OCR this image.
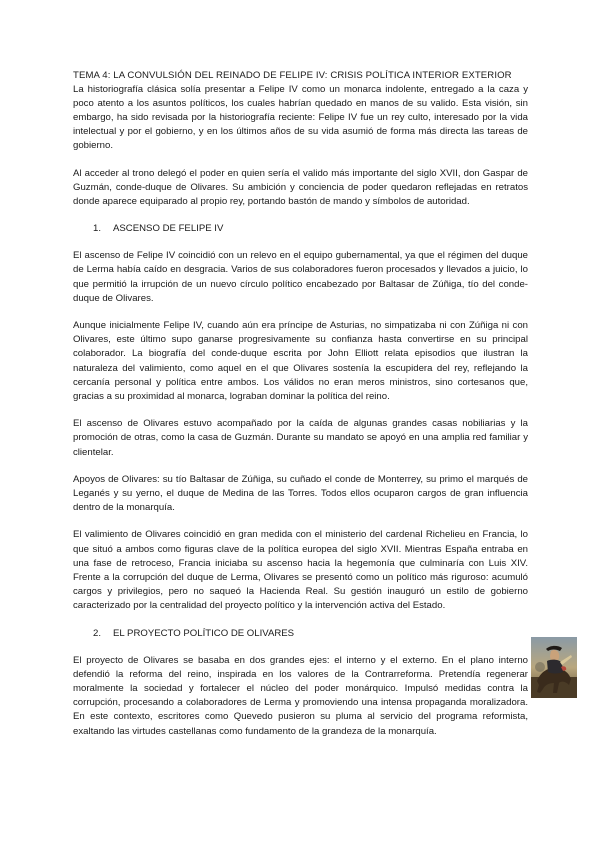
TEMA 4: LA CONVULSIÓN DEL REINADO DE FELIPE IV: CRISIS POLÍTICA INTERIOR EXTERIOR

La historiografía clásica solía presentar a Felipe IV como un monarca indolente, entregado a la caza y poco atento a los asuntos políticos, los cuales habrían quedado en manos de su valido. Esta visión, sin embargo, ha sido revisada por la historiografía reciente: Felipe IV fue un rey culto, interesado por la vida intelectual y por el gobierno, y en los últimos años de su vida asumió de forma más directa las tareas de gobierno.

Al acceder al trono delegó el poder en quien sería el valido más importante del siglo XVII, don Gaspar de Guzmán, conde-duque de Olivares. Su ambición y conciencia de poder quedaron reflejadas en retratos donde aparece equiparado al propio rey, portando bastón de mando y símbolos de autoridad.

1. ASCENSO DE FELIPE IV

El ascenso de Felipe IV coincidió con un relevo en el equipo gubernamental, ya que el régimen del duque de Lerma había caído en desgracia. Varios de sus colaboradores fueron procesados y llevados a juicio, lo que permitió la irrupción de un nuevo círculo político encabezado por Baltasar de Zúñiga, tío del conde-duque de Olivares.

Aunque inicialmente Felipe IV, cuando aún era príncipe de Asturias, no simpatizaba ni con Zúñiga ni con Olivares, este último supo ganarse progresivamente su confianza hasta convertirse en su principal colaborador. La biografía del conde-duque escrita por John Elliott relata episodios que ilustran la naturaleza del valimiento, como aquel en el que Olivares sostenía la escupidera del rey, reflejando la cercanía personal y política entre ambos. Los válidos no eran meros ministros, sino cortesanos que, gracias a su proximidad al monarca, lograban dominar la política del reino.

El ascenso de Olivares estuvo acompañado por la caída de algunas grandes casas nobiliarias y la promoción de otras, como la casa de Guzmán. Durante su mandato se apoyó en una amplia red familiar y clientelar.

Apoyos de Olivares: su tío Baltasar de Zúñiga, su cuñado el conde de Monterrey, su primo el marqués de Leganés y su yerno, el duque de Medina de las Torres. Todos ellos ocuparon cargos de gran influencia dentro de la monarquía.

El valimiento de Olivares coincidió en gran medida con el ministerio del cardenal Richelieu en Francia, lo que situó a ambos como figuras clave de la política europea del siglo XVII. Mientras España entraba en una fase de retroceso, Francia iniciaba su ascenso hacia la hegemonía que culminaría con Luis XIV. Frente a la corrupción del duque de Lerma, Olivares se presentó como un político más riguroso: acumuló cargos y privilegios, pero no saqueó la Hacienda Real. Su gestión inauguró un estilo de gobierno caracterizado por la centralidad del proyecto político y la intervención activa del Estado.

2. EL PROYECTO POLÍTICO DE OLIVARES

El proyecto de Olivares se basaba en dos grandes ejes: el interno y el externo. En el plano interno defendió la reforma del reino, inspirada en los valores de la Contrarreforma. Pretendía regenerar moralmente la sociedad y fortalecer el núcleo del poder monárquico. Impulsó medidas contra la corrupción, procesando a colaboradores de Lerma y promoviendo una intensa propaganda moralizadora. En este contexto, escritores como Quevedo pusieron su pluma al servicio del programa reformista, exaltando las virtudes castellanas como fundamento de la grandeza de la monarquía.
